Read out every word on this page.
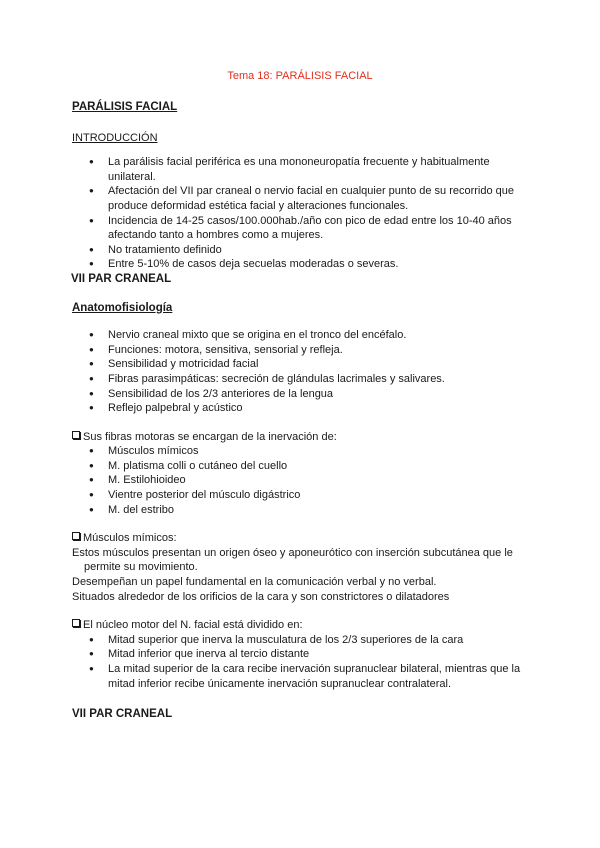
Tema 18: PARÁLISIS FACIAL
PARÁLISIS FACIAL
INTRODUCCIÓN
● La parálisis facial periférica es una mononeuropatía frecuente y habitualmente unilateral.
● Afectación del VII par craneal o nervio facial en cualquier punto de su recorrido que produce deformidad estética facial y alteraciones funcionales.
● Incidencia de 14-25 casos/100.000hab./año con pico de edad entre los 10-40 años afectando tanto a hombres como a mujeres.
● No tratamiento definido
● Entre 5-10% de casos deja secuelas moderadas o severas.
VII PAR CRANEAL
Anatomofisiología
● Nervio craneal mixto que se origina en el tronco del encéfalo.
● Funciones: motora, sensitiva, sensorial y refleja.
● Sensibilidad y motricidad facial
● Fibras parasimpáticas: secreción de glándulas lacrimales y salivares.
● Sensibilidad de los 2/3 anteriores de la lengua
● Reflejo palpebral y acústico
Sus fibras motoras se encargan de la inervación de:
● Músculos mímicos
● M. platisma colli o cutáneo del cuello
● M. Estilohioideo
● Vientre posterior del músculo digástrico
● M. del estribo
Músculos mímicos:

Estos músculos presentan un origen óseo y aponeurótico con inserción subcutánea que le

permite su movimiento.

Desempeñan un papel fundamental en la comunicación verbal y no verbal.

Situados alrededor de los orificios de la cara y son constrictores o dilatadores

El núcleo motor del N. facial está dividido en:
● Mitad superior que inerva la musculatura de los 2/3 superiores de la cara
● Mitad inferior que inerva al tercio distante
● La mitad superior de la cara recibe inervación supranuclear bilateral, mientras que la mitad inferior recibe únicamente inervación supranuclear contralateral.
VII PAR CRANEAL
